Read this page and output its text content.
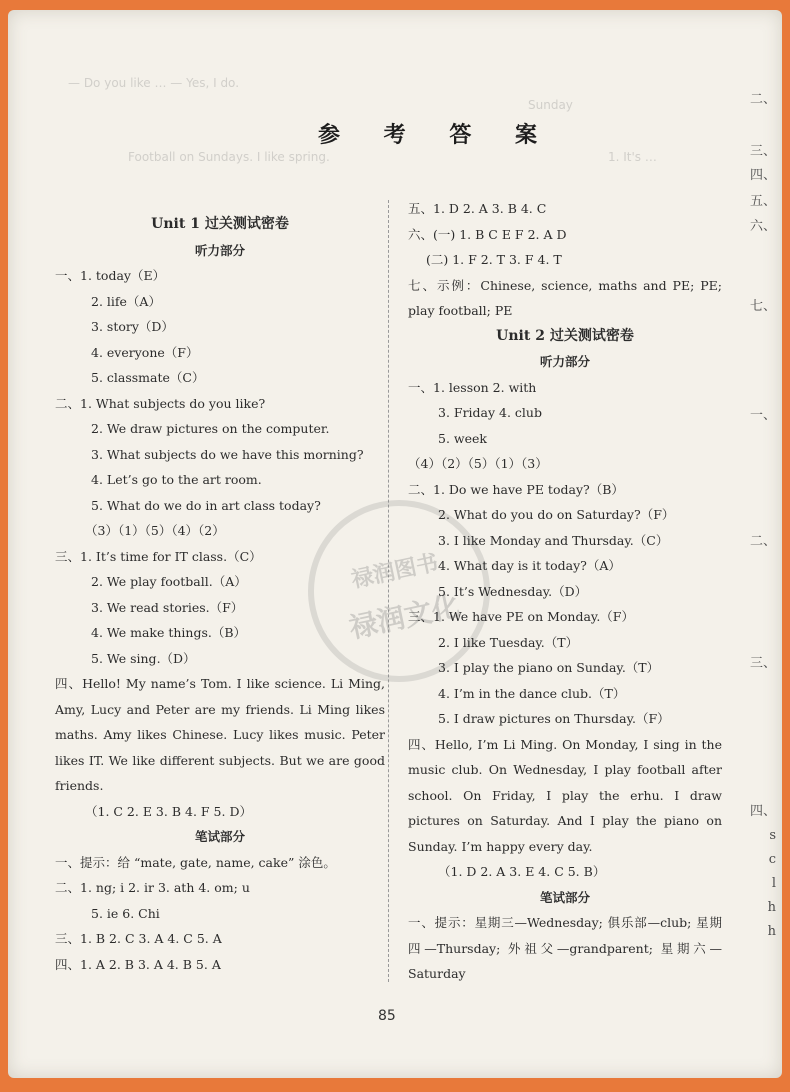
— Do you like … — Yes, I do.
Football on Sundays. I like spring.
Sunday
1. It's …
参 考 答 案
禄润图书
禄润文化
Unit 1 过关测试密卷
听力部分
一、1. today（E）
2. life（A）
3. story（D）
4. everyone（F）
5. classmate（C）
二、1. What subjects do you like?
2. We draw pictures on the computer.
3. What subjects do we have this morning?
4. Let’s go to the art room.
5. What do we do in art class today?
（3）（1）（5）（4）（2）
三、1. It’s time for IT class.（C）
2. We play football.（A）
3. We read stories.（F）
4. We make things.（B）
5. We sing.（D）
四、Hello! My name’s Tom. I like science. Li Ming, Amy, Lucy and Peter are my friends. Li Ming likes maths. Amy likes Chinese. Lucy likes music. Peter likes IT. We like different subjects. But we are good friends.
（1. C 2. E 3. B 4. F 5. D）
笔试部分
一、提示：给 “mate, gate, name, cake” 涂色。
二、1. ng; i 2. ir 3. ath 4. om; u
5. ie 6. Chi
三、1. B 2. C 3. A 4. C 5. A
四、1. A 2. B 3. A 4. B 5. A
五、1. D 2. A 3. B 4. C
六、(一) 1. B C E F 2. A D
(二) 1. F 2. T 3. F 4. T
七、示例：Chinese, science, maths and PE; PE; play football; PE
Unit 2 过关测试密卷
听力部分
一、1. lesson 2. with
3. Friday 4. club
5. week
（4）（2）（5）（1）（3）
二、1. Do we have PE today?（B）
2. What do you do on Saturday?（F）
3. I like Monday and Thursday.（C）
4. What day is it today?（A）
5. It’s Wednesday.（D）
三、1. We have PE on Monday.（F）
2. I like Tuesday.（T）
3. I play the piano on Sunday.（T）
4. I’m in the dance club.（T）
5. I draw pictures on Thursday.（F）
四、Hello, I’m Li Ming. On Monday, I sing in the music club. On Wednesday, I play football after school. On Friday, I play the erhu. I draw pictures on Saturday. And I play the piano on Sunday. I’m happy every day.
（1. D 2. A 3. E 4. C 5. B）
笔试部分
一、提示：星期三—Wednesday; 俱乐部—club; 星期四—Thursday; 外祖父—grandparent; 星期六—Saturday
二、
三、
四、
五、
六、
七、
一、
二、
三、
四、
s
c
l
h
h
85
